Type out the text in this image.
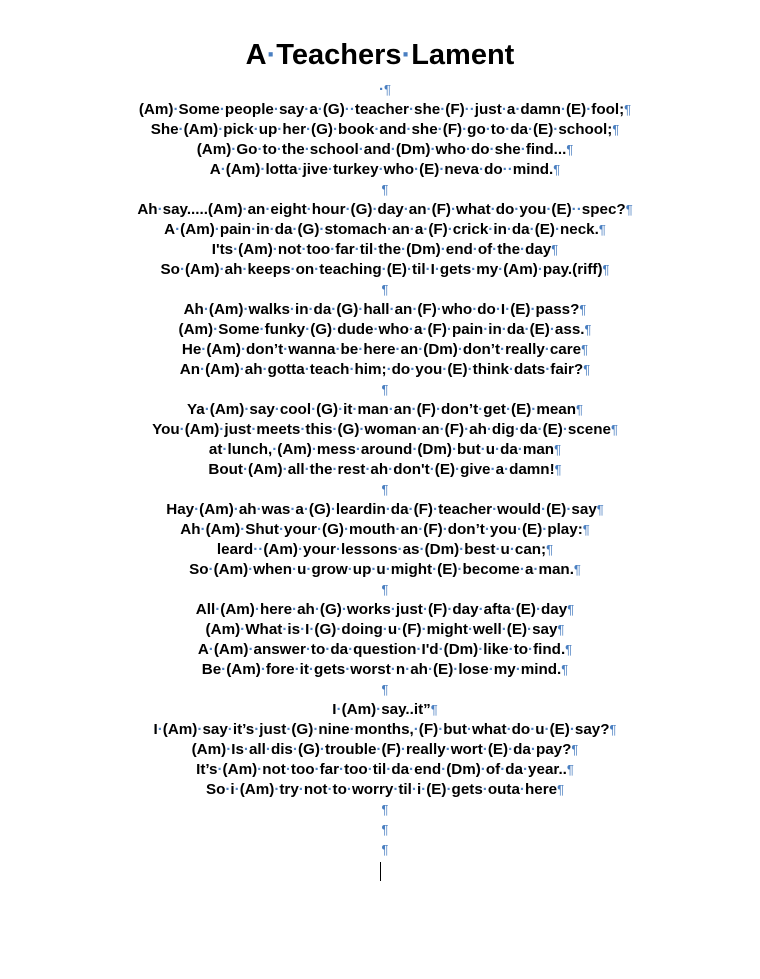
A·Teachers·Lament
·¶
(Am)·Some·people·say·a·(G)··teacher·she·(F)··just·a·damn·(E)·fool;¶
She·(Am)·pick·up·her·(G)·book·and·she·(F)·go·to·da·(E)·school;¶
(Am)·Go·to·the·school·and·(Dm)·who·do·she·find...¶
A·(Am)·lotta·jive·turkey·who·(E)·neva·do··mind.¶
¶
Ah·say.....(Am)·an·eight·hour·(G)·day·an·(F)·what·do·you·(E)··spec?¶
A·(Am)·pain·in·da·(G)·stomach·an·a·(F)·crick·in·da·(E)·neck.¶
I'ts·(Am)·not·too·far·til·the·(Dm)·end·of·the·day¶
So·(Am)·ah·keeps·on·teaching·(E)·til·I·gets·my·(Am)·pay.(riff)¶
¶
Ah·(Am)·walks·in·da·(G)·hall·an·(F)·who·do·I·(E)·pass?¶
(Am)·Some·funky·(G)·dude·who·a·(F)·pain·in·da·(E)·ass.¶
He·(Am)·don’t·wanna·be·here·an·(Dm)·don’t·really·care¶
An·(Am)·ah·gotta·teach·him;·do·you·(E)·think·dats·fair?¶
¶
Ya·(Am)·say·cool·(G)·it·man·an·(F)·don’t·get·(E)·mean¶
You·(Am)·just·meets·this·(G)·woman·an·(F)·ah·dig·da·(E)·scene¶
at·lunch,·(Am)·mess·around·(Dm)·but·u·da·man¶
Bout·(Am)·all·the·rest·ah·don't·(E)·give·a·damn!¶
¶
Hay·(Am)·ah·was·a·(G)·leardin·da·(F)·teacher·would·(E)·say¶
Ah·(Am)·Shut·your·(G)·mouth·an·(F)·don’t·you·(E)·play:¶
leard··(Am)·your·lessons·as·(Dm)·best·u·can;¶
So·(Am)·when·u·grow·up·u·might·(E)·become·a·man.¶
¶
All·(Am)·here·ah·(G)·works·just·(F)·day·afta·(E)·day¶
(Am)·What·is·I·(G)·doing·u·(F)·might·well·(E)·say¶
A·(Am)·answer·to·da·question·I'd·(Dm)·like·to·find.¶
Be·(Am)·fore·it·gets·worst·n·ah·(E)·lose·my·mind.¶
¶
I·(Am)·say..it”¶
I·(Am)·say·it’s·just·(G)·nine·months,·(F)·but·what·do·u·(E)·say?¶
(Am)·Is·all·dis·(G)·trouble·(F)·really·wort·(E)·da·pay?¶
It’s·(Am)·not·too·far·too·til·da·end·(Dm)·of·da·year..¶
So·i·(Am)·try·not·to·worry·til·i·(E)·gets·outa·here¶
¶
¶
¶
